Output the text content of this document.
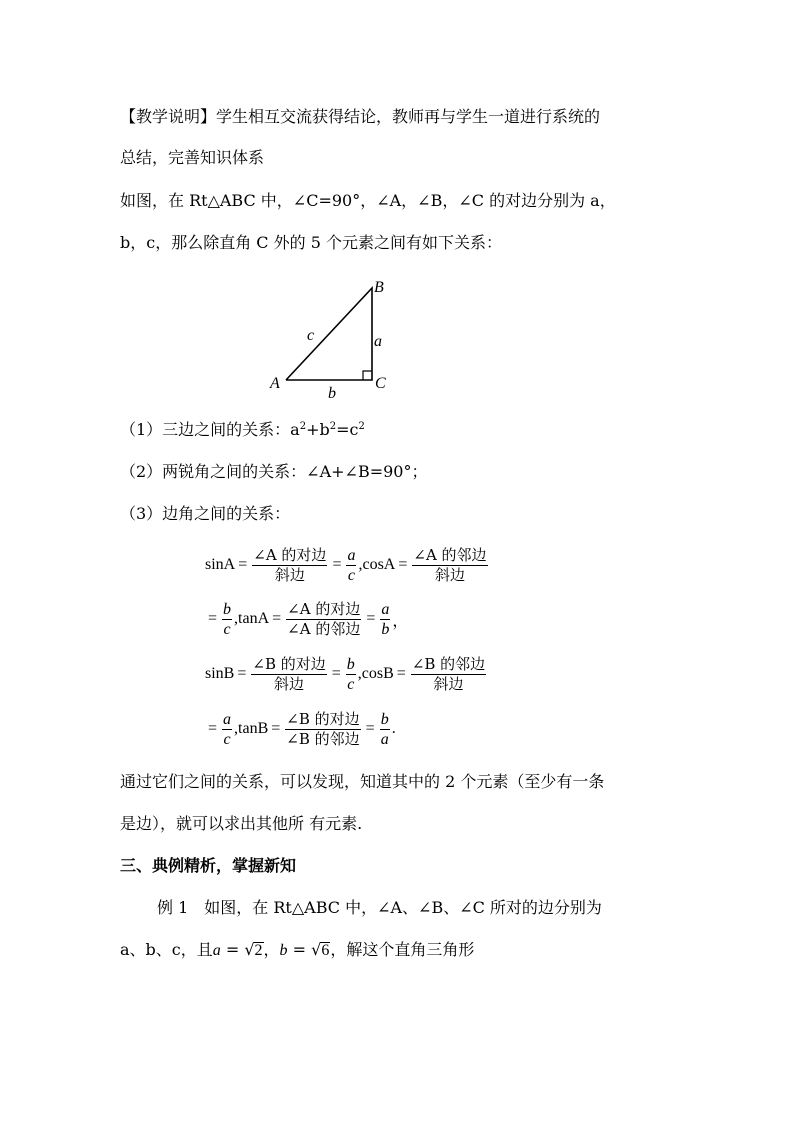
【教学说明】学生相互交流获得结论，教师再与学生一道进行系统的
总结，完善知识体系
如图，在 Rt△ABC 中，∠C=90°，∠A，∠B，∠C 的对边分别为 a，
b，c，那么除直角 C 外的 5 个元素之间有如下关系：
B
A	C
a
c
b
（1）三边之间的关系：$a^2+b^2=c^2$
（2）两锐角之间的关系：∠A+∠B=90°；
（3）边角之间的关系：
$\sin A = \frac{\text{∠A 的对边}}{\text{斜边}} = \frac{a}{c}$ , $\cos A = \frac{\text{∠A 的邻边}}{\text{斜边}}$
= $\frac{b}{c}$ , $\tan A = \frac{\text{∠A 的对边}}{\text{∠A 的邻边}} = \frac{a}{b}$ ，
$\sin B = \frac{\text{∠B 的对边}}{\text{斜边}} = \frac{b}{c}$ , $\cos B = \frac{\text{∠B 的邻边}}{\text{斜边}}$
= $\frac{a}{c}$ , $\tan B = \frac{\text{∠B 的对边}}{\text{∠B 的邻边}} = \frac{b}{a}$ .
通过它们之间的关系，可以发现，知道其中的 2 个元素（至少有一条
是边），就可以求出其他所 有元素.
三、典例精析，掌握新知
例 1　如图，在 Rt△ABC 中，∠A、∠B、∠C 所对的边分别为
a、b、c，且a = √2，b = √6，解这个直角三角形
